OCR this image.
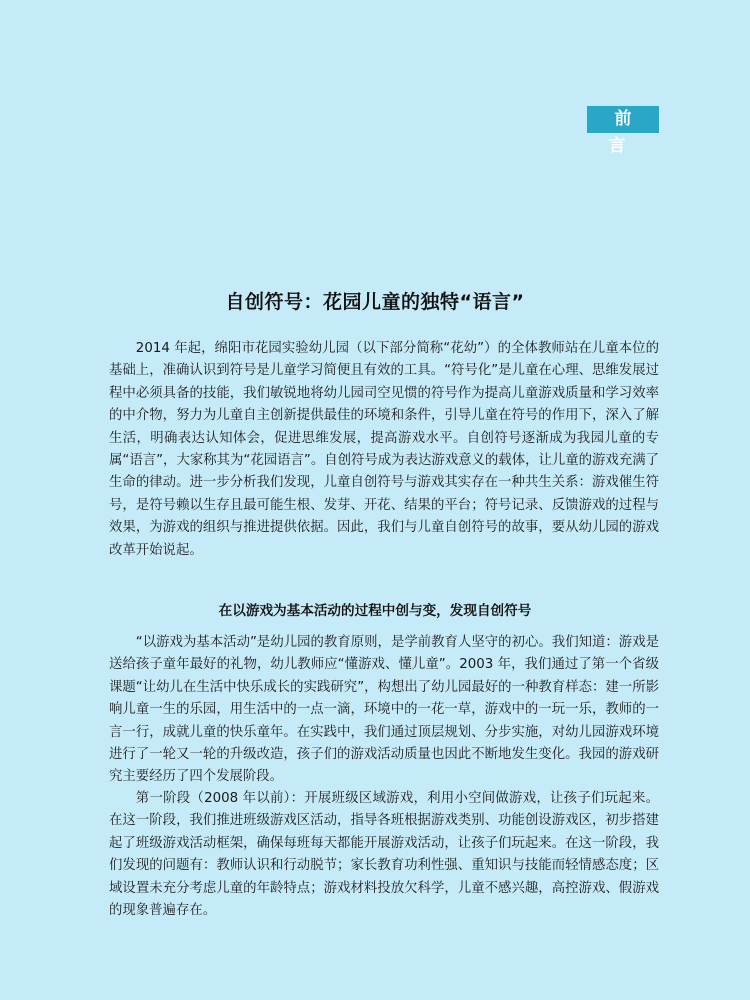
前 言
自创符号：花园儿童的独特“语言”

2014 年起，绵阳市花园实验幼儿园（以下部分简称“花幼”）的全体教师站在儿童本位的基础上，准确认识到符号是儿童学习简便且有效的工具。“符号化”是儿童在心理、思维发展过程中必须具备的技能，我们敏锐地将幼儿园司空见惯的符号作为提高儿童游戏质量和学习效率的中介物，努力为儿童自主创新提供最佳的环境和条件，引导儿童在符号的作用下，深入了解生活，明确表达认知体会，促进思维发展，提高游戏水平。自创符号逐渐成为我园儿童的专属“语言”，大家称其为“花园语言”。自创符号成为表达游戏意义的载体，让儿童的游戏充满了生命的律动。进一步分析我们发现，儿童自创符号与游戏其实存在一种共生关系：游戏催生符号，是符号赖以生存且最可能生根、发芽、开花、结果的平台；符号记录、反馈游戏的过程与效果，为游戏的组织与推进提供依据。因此，我们与儿童自创符号的故事，要从幼儿园的游戏改革开始说起。

在以游戏为基本活动的过程中创与变，发现自创符号

“以游戏为基本活动”是幼儿园的教育原则，是学前教育人坚守的初心。我们知道：游戏是送给孩子童年最好的礼物，幼儿教师应“懂游戏、懂儿童”。2003 年，我们通过了第一个省级课题“让幼儿在生活中快乐成长的实践研究”，构想出了幼儿园最好的一种教育样态：建一所影响儿童一生的乐园，用生活中的一点一滴，环境中的一花一草，游戏中的一玩一乐，教师的一言一行，成就儿童的快乐童年。在实践中，我们通过顶层规划、分步实施，对幼儿园游戏环境进行了一轮又一轮的升级改造，孩子们的游戏活动质量也因此不断地发生变化。我园的游戏研究主要经历了四个发展阶段。

第一阶段（2008 年以前）：开展班级区域游戏，利用小空间做游戏，让孩子们玩起来。在这一阶段，我们推进班级游戏区活动，指导各班根据游戏类别、功能创设游戏区，初步搭建起了班级游戏活动框架，确保每班每天都能开展游戏活动，让孩子们玩起来。在这一阶段，我们发现的问题有：教师认识和行动脱节；家长教育功利性强、重知识与技能而轻情感态度；区域设置未充分考虑儿童的年龄特点；游戏材料投放欠科学，儿童不感兴趣，高控游戏、假游戏的现象普遍存在。
